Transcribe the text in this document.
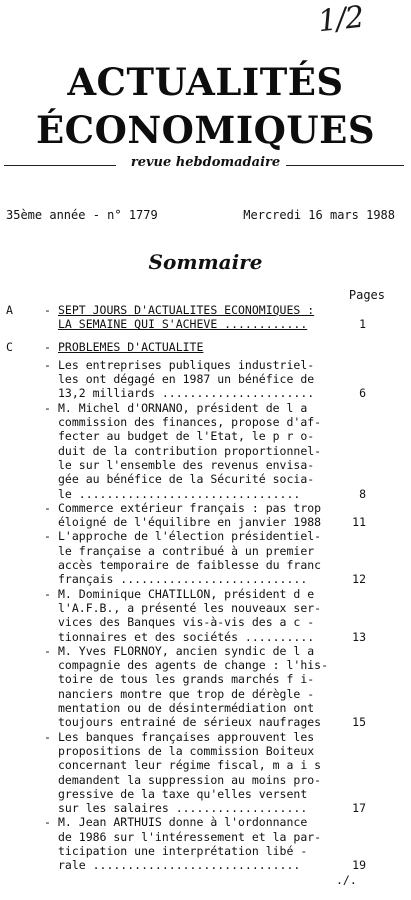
1/2
ACTUALITÉS
ÉCONOMIQUES
revue hebdomadaire
35ème année - n° 1779	Mercredi 16 mars 1988
Sommaire
Pages
A	- SEPT JOURS D'ACTUALITES ECONOMIQUES :
LA SEMAINE QUI S'ACHEVE ............	1
C	- PROBLEMES D'ACTUALITE
- Les entreprises publiques industriel-
les ont dégagé en 1987 un bénéfice de
13,2 milliards ......................	6
- M. Michel d'ORNANO, président de l a
commission des finances, propose d'af-
fecter au budget de l'Etat, le p r o-
duit de la contribution proportionnel-
le sur l'ensemble des revenus envisa-
gée au bénéfice de la Sécurité socia-
le ................................	8
- Commerce extérieur français : pas trop
éloigné de l'équilibre en janvier 1988	11
- L'approche de l'élection présidentiel-
le française a contribué à un premier
accès temporaire de faiblesse du franc
français ...........................	12
- M. Dominique CHATILLON, président d e
l'A.F.B., a présenté les nouveaux ser-
vices des Banques vis-à-vis des a c -
tionnaires et des sociétés ..........	13
- M. Yves FLORNOY, ancien syndic de l a
compagnie des agents de change : l'his-
toire de tous les grands marchés f i-
nanciers montre que trop de dérègle -
mentation ou de désintermédiation ont
toujours entrainé de sérieux naufrages	15
- Les banques françaises approuvent les
propositions de la commission Boiteux
concernant leur régime fiscal, m a i s
demandent la suppression au moins pro-
gressive de la taxe qu'elles versent
sur les salaires ...................	17
- M. Jean ARTHUIS donne à l'ordonnance
de 1986 sur l'intéressement et la par-
ticipation une interprétation libé -
rale ..............................	19
./.
